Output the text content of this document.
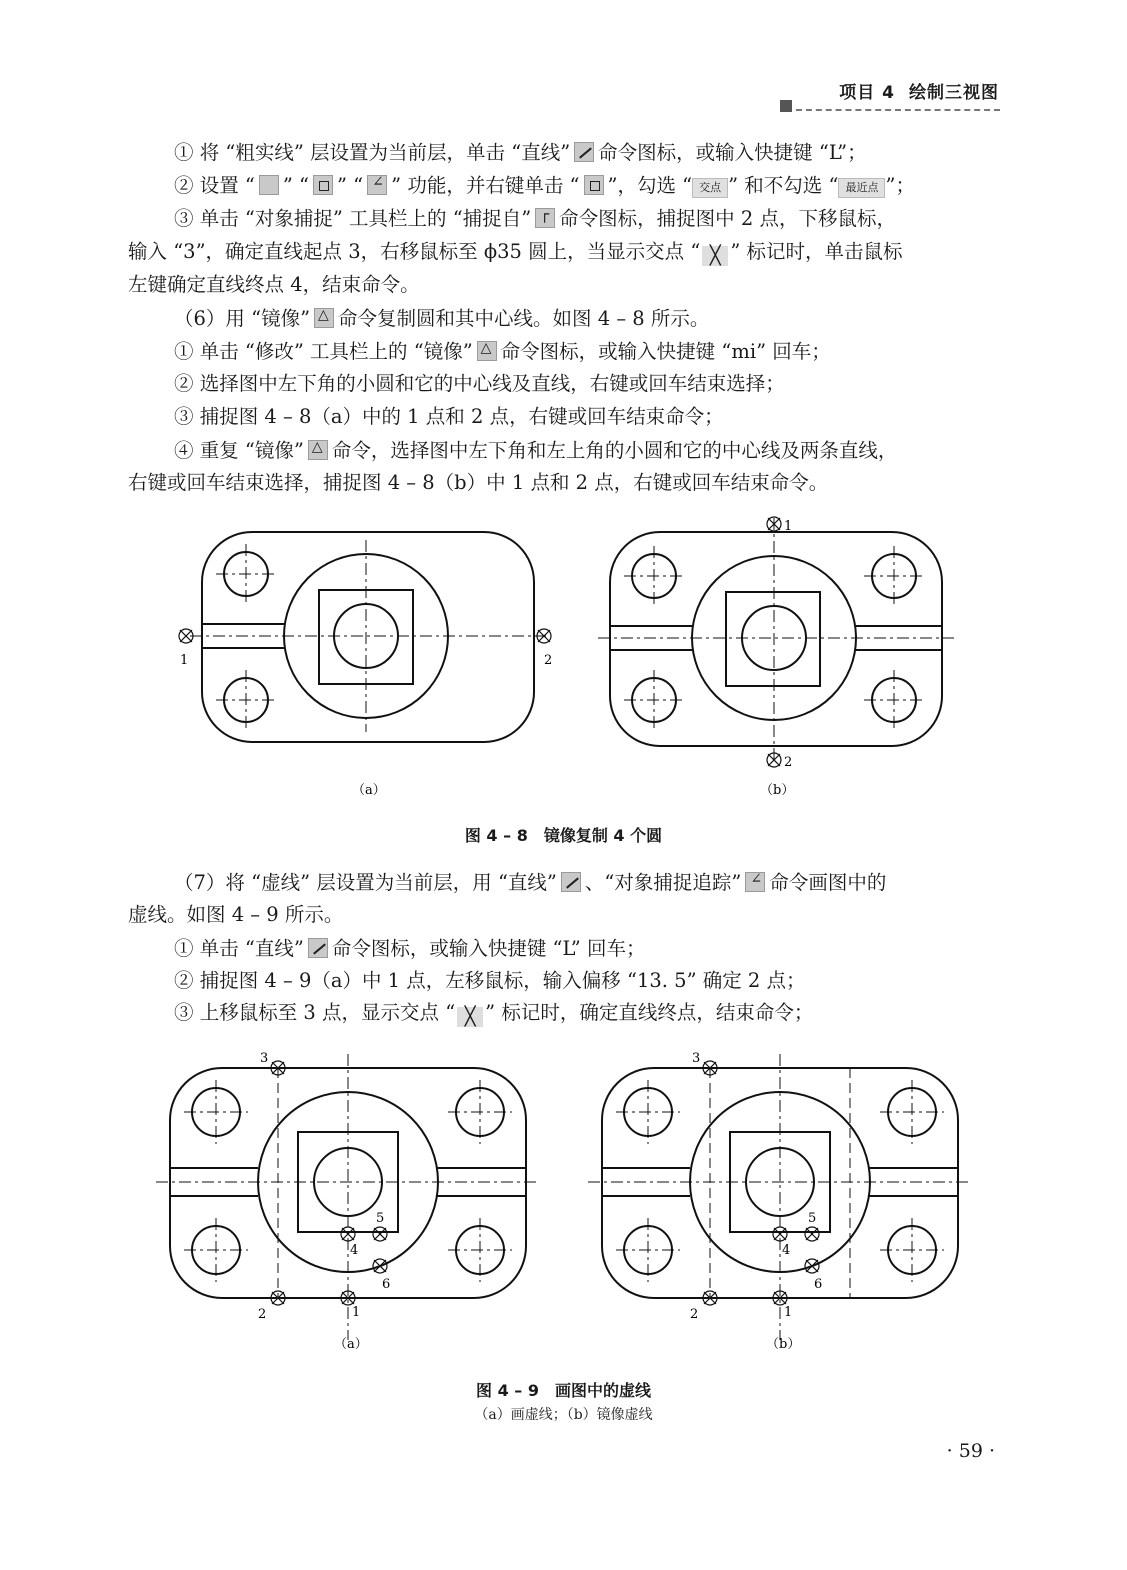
项目 4 绘制三视图
① 将 “粗实线” 层设置为当前层，单击 “直线” 命令图标，或输入快捷键 “L”；
② 设置 “ ” “ ” “ ∠ ” 功能，并右键单击 “ ”，勾选 “ 交点 ” 和不勾选 “ 最近点 ”；
③ 单击 “对象捕捉” 工具栏上的 “捕捉自” ┌ 命令图标，捕捉图中 2 点，下移鼠标，
输入 “3”，确定直线起点 3，右移鼠标至 ϕ35 圆上，当显示交点 “ ╳ ” 标记时，单击鼠标
左键确定直线终点 4，结束命令。
（6）用 “镜像” △ 命令复制圆和其中心线。如图 4 – 8 所示。
① 单击 “修改” 工具栏上的 “镜像” △ 命令图标，或输入快捷键 “mi” 回车；
② 选择图中左下角的小圆和它的中心线及直线，右键或回车结束选择；
③ 捕捉图 4 – 8（a）中的 1 点和 2 点，右键或回车结束命令；
④ 重复 “镜像” △ 命令，选择图中左下角和左上角的小圆和它的中心线及两条直线，
右键或回车结束选择，捕捉图 4 – 8（b）中 1 点和 2 点，右键或回车结束命令。
1	2
1
2
（a）	（b）
图 4 – 8　镜像复制 4 个圆
（7）将 “虚线” 层设置为当前层，用 “直线” 、“对象捕捉追踪” ∠ 命令画图中的
虚线。如图 4 – 9 所示。
① 单击 “直线” 命令图标，或输入快捷键 “L” 回车；
② 捕捉图 4 – 9（a）中 1 点，左移鼠标，输入偏移 “13. 5” 确定 2 点；
③ 上移鼠标至 3 点，显示交点 “ ╳ ” 标记时，确定直线终点，结束命令；
3
2	1
4
5
6
3
2	1
4
5
6
（a）	（b）
图 4 – 9　画图中的虚线
（a）画虚线；（b）镜像虚线
· 59 ·
